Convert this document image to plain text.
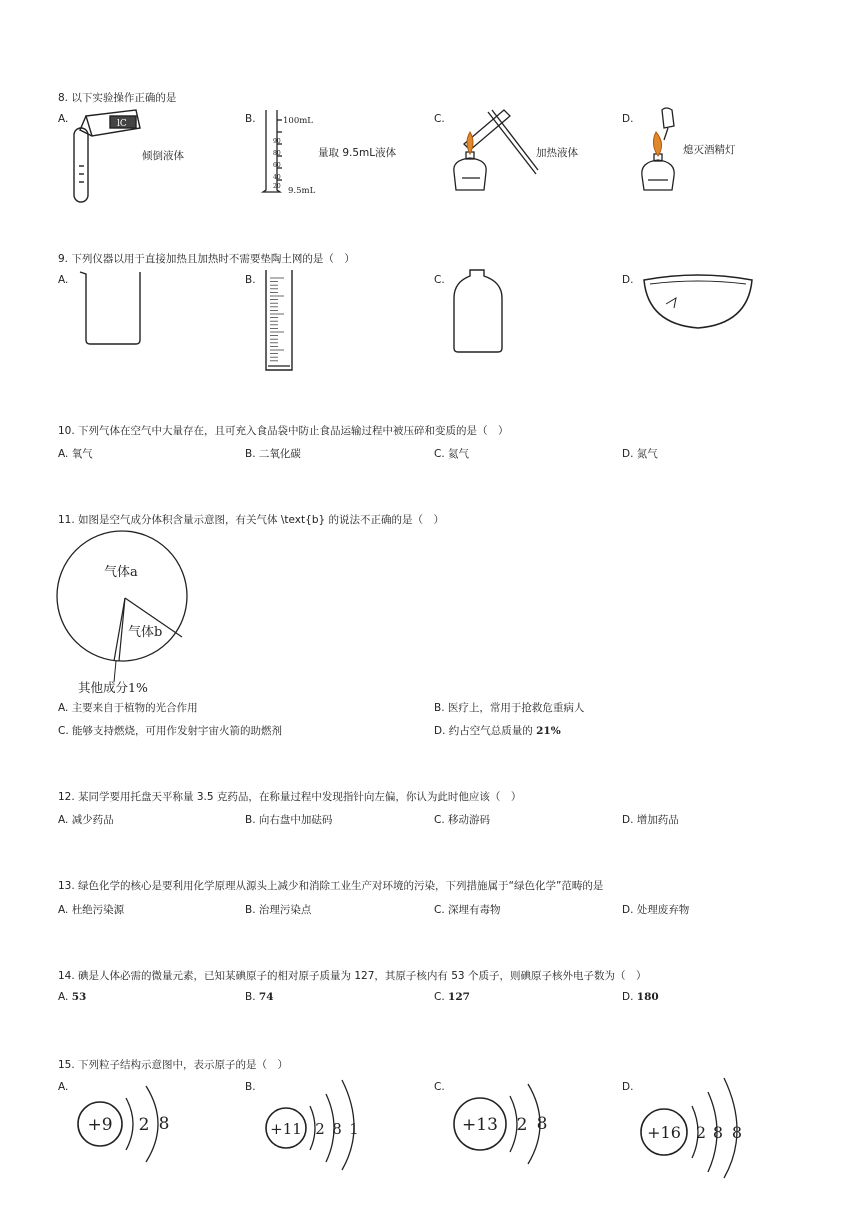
8. 以下实验操作正确的是
A.	lC
倾倒液体
B.	100mL
90
80
60
40
20 9.5mL
量取 9.5mL液体
C.
加热液体
D.
熄灭酒精灯
9. 下列仪器以用于直接加热且加热时不需要垫陶土网的是（　）
A.	B.	C.	D.
10. 下列气体在空气中大量存在，且可充入食品袋中防止食品运输过程中被压碎和变质的是（　）
A. 氧气	B. 二氧化碳	C. 氦气	D. 氮气
11. 如图是空气成分体积含量示意图，有关气体 \text{b} 的说法不正确的是（　）
气体a
气体b
其他成分1%
A. 主要来自于植物的光合作用	B. 医疗上，常用于抢救危重病人
C. 能够支持燃烧，可用作发射宇宙火箭的助燃剂	D. 约占空气总质量的 21%
12. 某同学要用托盘天平称量 3.5 克药品，在称量过程中发现指针向左偏，你认为此时他应该（　）
A. 减少药品	B. 向右盘中加砝码	C. 移动游码	D. 增加药品
13. 绿色化学的核心是要利用化学原理从源头上减少和消除工业生产对环境的污染，下列措施属于“绿色化学”范畴的是
A. 杜绝污染源	B. 治理污染点	C. 深埋有毒物	D. 处理废弃物
14. 碘是人体必需的微量元素，已知某碘原子的相对原子质量为 127，其原子核内有 53 个质子，则碘原子核外电子数为（　）
A. 53	B. 74	C. 127	D. 180
15. 下列粒子结构示意图中，表示原子的是（　）
A.
+9 2 8
B.
+11 2 8 1
C.
+13 2 8
D.
+16 2 8 8
